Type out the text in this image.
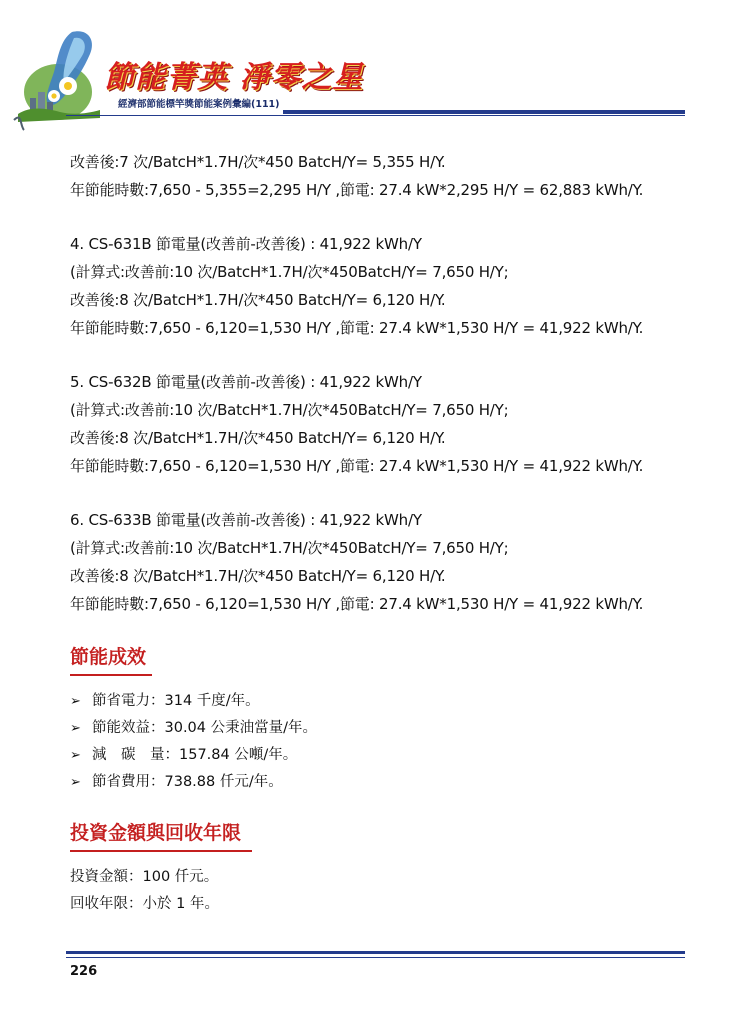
節能菁英 淨零之星
經濟部節能標竿獎節能案例彙編(111)
改善後:7 次/BatcH*1.7H/次*450 BatcH/Y= 5,355 H/Y.
年節能時數:7,650 - 5,355=2,295 H/Y ,節電: 27.4 kW*2,295 H/Y = 62,883 kWh/Y.
4. CS-631B 節電量(改善前-改善後) : 41,922 kWh/Y
(計算式:改善前:10 次/BatcH*1.7H/次*450BatcH/Y= 7,650 H/Y;
改善後:8 次/BatcH*1.7H/次*450 BatcH/Y= 6,120 H/Y.
年節能時數:7,650 - 6,120=1,530 H/Y ,節電: 27.4 kW*1,530 H/Y = 41,922 kWh/Y.
5. CS-632B 節電量(改善前-改善後) : 41,922 kWh/Y
(計算式:改善前:10 次/BatcH*1.7H/次*450BatcH/Y= 7,650 H/Y;
改善後:8 次/BatcH*1.7H/次*450 BatcH/Y= 6,120 H/Y.
年節能時數:7,650 - 6,120=1,530 H/Y ,節電: 27.4 kW*1,530 H/Y = 41,922 kWh/Y.
6. CS-633B 節電量(改善前-改善後) : 41,922 kWh/Y
(計算式:改善前:10 次/BatcH*1.7H/次*450BatcH/Y= 7,650 H/Y;
改善後:8 次/BatcH*1.7H/次*450 BatcH/Y= 6,120 H/Y.
年節能時數:7,650 - 6,120=1,530 H/Y ,節電: 27.4 kW*1,530 H/Y = 41,922 kWh/Y.
節能成效
➢ 節省電力：314 千度/年。
➢ 節能效益：30.04 公秉油當量/年。
➢ 減　碳　量：157.84 公噸/年。
➢ 節省費用：738.88 仟元/年。
投資金額與回收年限
投資金額：100 仟元。
回收年限：小於 1 年。
226
